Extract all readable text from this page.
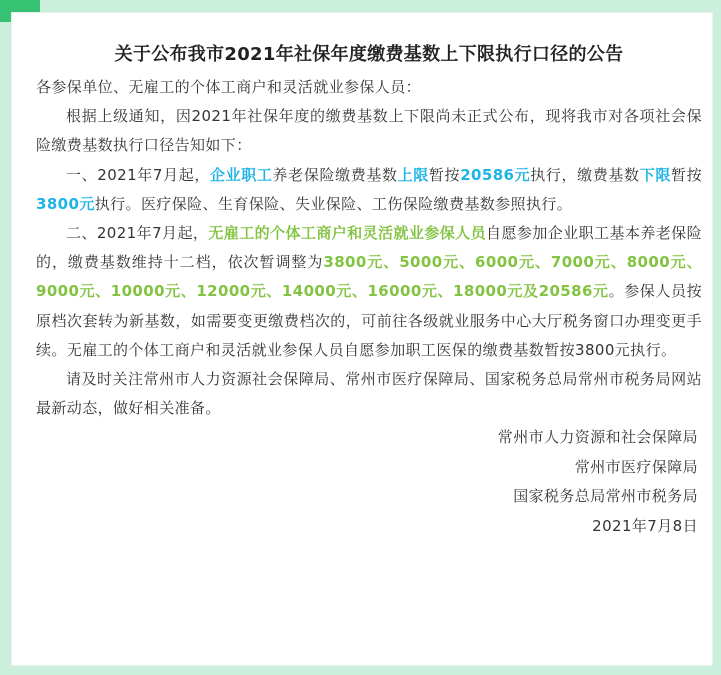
关于公布我市2021年社保年度缴费基数上下限执行口径的公告

各参保单位、无雇工的个体工商户和灵活就业参保人员：

根据上级通知，因2021年社保年度的缴费基数上下限尚未正式公布，现将我市对各项社会保险缴费基数执行口径告知如下：

一、2021年7月起，企业职工养老保险缴费基数上限暂按20586元执行，缴费基数下限暂按3800元执行。医疗保险、生育保险、失业保险、工伤保险缴费基数参照执行。

二、2021年7月起，无雇工的个体工商户和灵活就业参保人员自愿参加企业职工基本养老保险的，缴费基数维持十二档，依次暂调整为3800元、5000元、6000元、7000元、8000元、9000元、10000元、12000元、14000元、16000元、18000元及20586元。参保人员按原档次套转为新基数，如需要变更缴费档次的，可前往各级就业服务中心大厅税务窗口办理变更手续。无雇工的个体工商户和灵活就业参保人员自愿参加职工医保的缴费基数暂按3800元执行。

请及时关注常州市人力资源社会保障局、常州市医疗保障局、国家税务总局常州市税务局网站最新动态，做好相关准备。

常州市人力资源和社会保障局

常州市医疗保障局

国家税务总局常州市税务局

2021年7月8日
